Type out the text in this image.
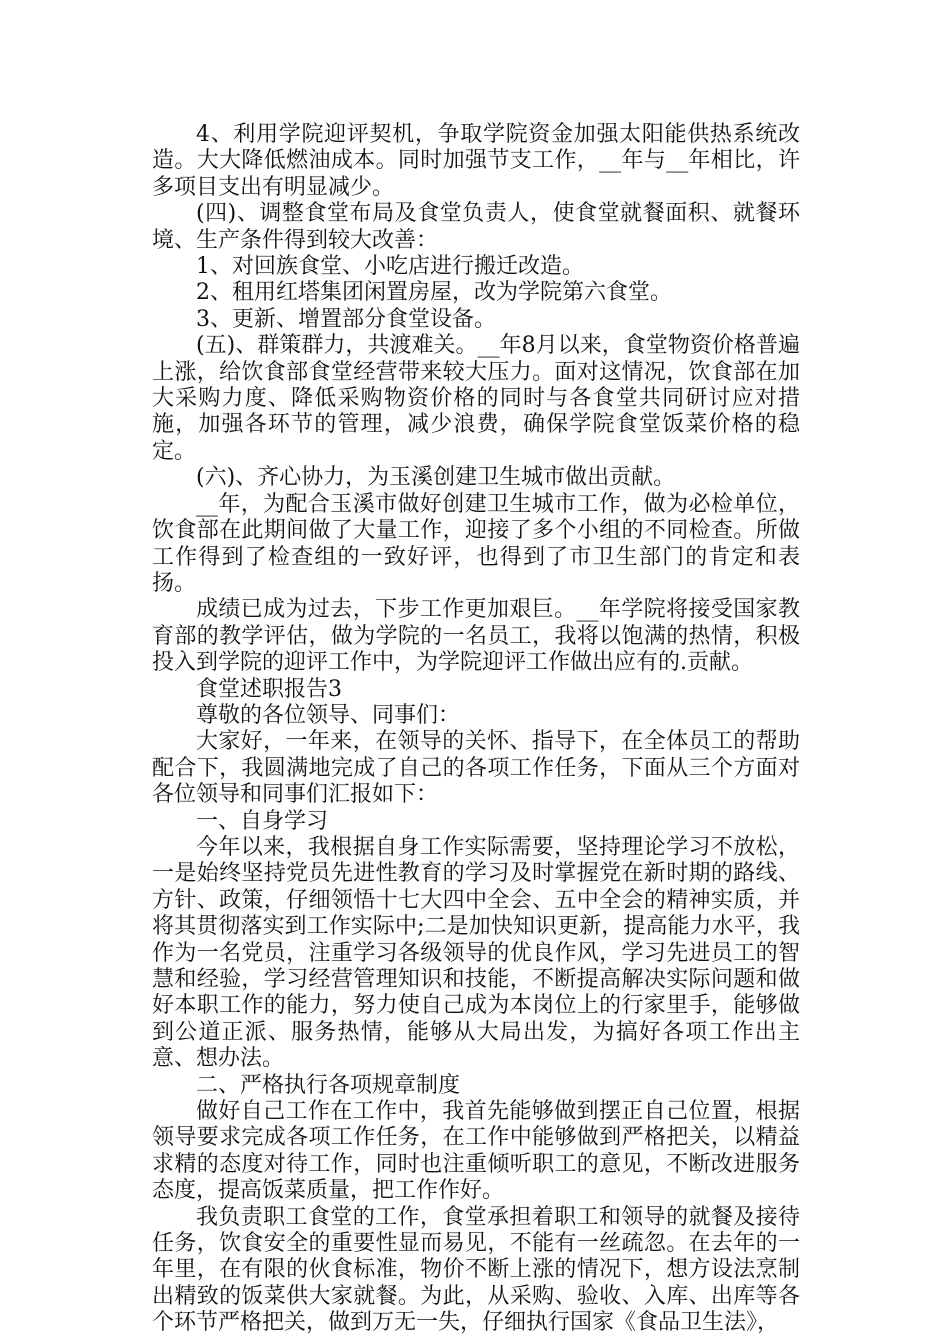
4、利用学院迎评契机，争取学院资金加强太阳能供热系统改造。大大降低燃油成本。同时加强节支工作，__年与__年相比，许多项目支出有明显减少。

(四)、调整食堂布局及食堂负责人，使食堂就餐面积、就餐环境、生产条件得到较大改善：

1、对回族食堂、小吃店进行搬迁改造。

2、租用红塔集团闲置房屋，改为学院第六食堂。

3、更新、增置部分食堂设备。

(五)、群策群力，共渡难关。__年8月以来，食堂物资价格普遍上涨，给饮食部食堂经营带来较大压力。面对这情况，饮食部在加大采购力度、降低采购物资价格的同时与各食堂共同研讨应对措施，加强各环节的管理，减少浪费，确保学院食堂饭菜价格的稳定。

(六)、齐心协力，为玉溪创建卫生城市做出贡献。

__年，为配合玉溪市做好创建卫生城市工作，做为必检单位，饮食部在此期间做了大量工作，迎接了多个小组的不同检查。所做工作得到了检查组的一致好评，也得到了市卫生部门的肯定和表扬。

成绩已成为过去，下步工作更加艰巨。__年学院将接受国家教育部的教学评估，做为学院的一名员工，我将以饱满的热情，积极投入到学院的迎评工作中，为学院迎评工作做出应有的.贡献。

食堂述职报告3

尊敬的各位领导、同事们：

大家好，一年来，在领导的关怀、指导下，在全体员工的帮助配合下，我圆满地完成了自己的各项工作任务，下面从三个方面对各位领导和同事们汇报如下：

一、自身学习

今年以来，我根据自身工作实际需要，坚持理论学习不放松，一是始终坚持党员先进性教育的学习及时掌握党在新时期的路线、方针、政策，仔细领悟十七大四中全会、五中全会的精神实质，并将其贯彻落实到工作实际中;二是加快知识更新，提高能力水平，我作为一名党员，注重学习各级领导的优良作风，学习先进员工的智慧和经验，学习经营管理知识和技能，不断提高解决实际问题和做好本职工作的能力，努力使自己成为本岗位上的行家里手，能够做到公道正派、服务热情，能够从大局出发，为搞好各项工作出主意、想办法。

二、严格执行各项规章制度

做好自己工作在工作中，我首先能够做到摆正自己位置，根据领导要求完成各项工作任务，在工作中能够做到严格把关，以精益求精的态度对待工作，同时也注重倾听职工的意见，不断改进服务态度，提高饭菜质量，把工作作好。

我负责职工食堂的工作，食堂承担着职工和领导的就餐及接待任务，饮食安全的重要性显而易见，不能有一丝疏忽。在去年的一年里，在有限的伙食标准，物价不断上涨的情况下，想方设法烹制出精致的饭菜供大家就餐。为此，从采购、验收、入库、出库等各个环节严格把关，做到万无一失，仔细执行国家《食品卫生法》，
